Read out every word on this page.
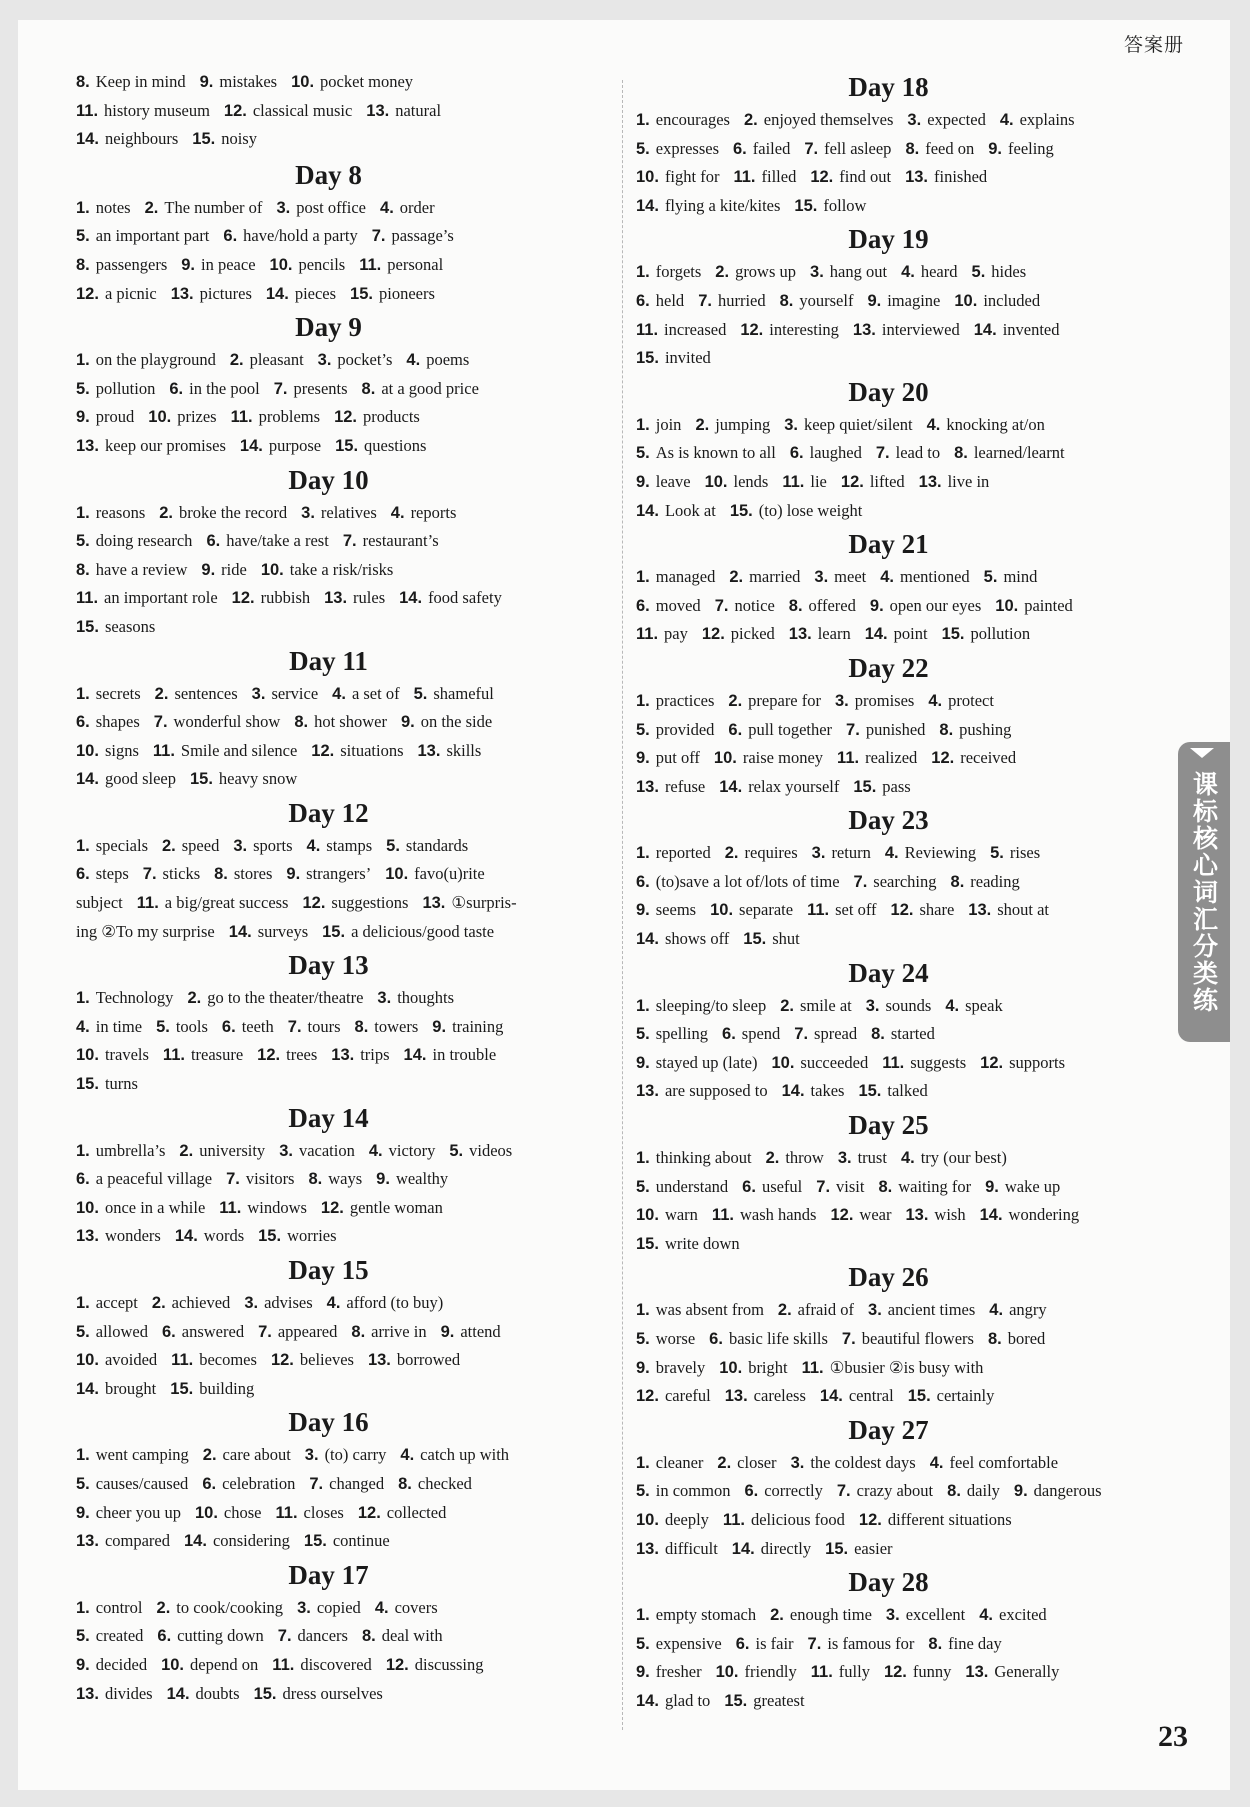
答案册
8. Keep in mind 9. mistakes 10. pocket money
11. history museum 12. classical music 13. natural
14. neighbours 15. noisy
Day 8
1. notes 2. The number of 3. post office 4. order
5. an important part 6. have/hold a party 7. passage’s
8. passengers 9. in peace 10. pencils 11. personal
12. a picnic 13. pictures 14. pieces 15. pioneers
Day 9
1. on the playground 2. pleasant 3. pocket’s 4. poems
5. pollution 6. in the pool 7. presents 8. at a good price
9. proud 10. prizes 11. problems 12. products
13. keep our promises 14. purpose 15. questions
Day 10
1. reasons 2. broke the record 3. relatives 4. reports
5. doing research 6. have/take a rest 7. restaurant’s
8. have a review 9. ride 10. take a risk/risks
11. an important role 12. rubbish 13. rules 14. food safety
15. seasons
Day 11
1. secrets 2. sentences 3. service 4. a set of 5. shameful
6. shapes 7. wonderful show 8. hot shower 9. on the side
10. signs 11. Smile and silence 12. situations 13. skills
14. good sleep 15. heavy snow
Day 12
1. specials 2. speed 3. sports 4. stamps 5. standards
6. steps 7. sticks 8. stores 9. strangers’ 10. favo(u)rite
subject 11. a big/great success 12. suggestions 13. ①surpris-
ing ②To my surprise 14. surveys 15. a delicious/good taste
Day 13
1. Technology 2. go to the theater/theatre 3. thoughts
4. in time 5. tools 6. teeth 7. tours 8. towers 9. training
10. travels 11. treasure 12. trees 13. trips 14. in trouble
15. turns
Day 14
1. umbrella’s 2. university 3. vacation 4. victory 5. videos
6. a peaceful village 7. visitors 8. ways 9. wealthy
10. once in a while 11. windows 12. gentle woman
13. wonders 14. words 15. worries
Day 15
1. accept 2. achieved 3. advises 4. afford (to buy)
5. allowed 6. answered 7. appeared 8. arrive in 9. attend
10. avoided 11. becomes 12. believes 13. borrowed
14. brought 15. building
Day 16
1. went camping 2. care about 3. (to) carry 4. catch up with
5. causes/caused 6. celebration 7. changed 8. checked
9. cheer you up 10. chose 11. closes 12. collected
13. compared 14. considering 15. continue
Day 17
1. control 2. to cook/cooking 3. copied 4. covers
5. created 6. cutting down 7. dancers 8. deal with
9. decided 10. depend on 11. discovered 12. discussing
13. divides 14. doubts 15. dress ourselves
Day 18
1. encourages 2. enjoyed themselves 3. expected 4. explains
5. expresses 6. failed 7. fell asleep 8. feed on 9. feeling
10. fight for 11. filled 12. find out 13. finished
14. flying a kite/kites 15. follow
Day 19
1. forgets 2. grows up 3. hang out 4. heard 5. hides
6. held 7. hurried 8. yourself 9. imagine 10. included
11. increased 12. interesting 13. interviewed 14. invented
15. invited
Day 20
1. join 2. jumping 3. keep quiet/silent 4. knocking at/on
5. As is known to all 6. laughed 7. lead to 8. learned/learnt
9. leave 10. lends 11. lie 12. lifted 13. live in
14. Look at 15. (to) lose weight
Day 21
1. managed 2. married 3. meet 4. mentioned 5. mind
6. moved 7. notice 8. offered 9. open our eyes 10. painted
11. pay 12. picked 13. learn 14. point 15. pollution
Day 22
1. practices 2. prepare for 3. promises 4. protect
5. provided 6. pull together 7. punished 8. pushing
9. put off 10. raise money 11. realized 12. received
13. refuse 14. relax yourself 15. pass
Day 23
1. reported 2. requires 3. return 4. Reviewing 5. rises
6. (to)save a lot of/lots of time 7. searching 8. reading
9. seems 10. separate 11. set off 12. share 13. shout at
14. shows off 15. shut
Day 24
1. sleeping/to sleep 2. smile at 3. sounds 4. speak
5. spelling 6. spend 7. spread 8. started
9. stayed up (late) 10. succeeded 11. suggests 12. supports
13. are supposed to 14. takes 15. talked
Day 25
1. thinking about 2. throw 3. trust 4. try (our best)
5. understand 6. useful 7. visit 8. waiting for 9. wake up
10. warn 11. wash hands 12. wear 13. wish 14. wondering
15. write down
Day 26
1. was absent from 2. afraid of 3. ancient times 4. angry
5. worse 6. basic life skills 7. beautiful flowers 8. bored
9. bravely 10. bright 11. ①busier ②is busy with
12. careful 13. careless 14. central 15. certainly
Day 27
1. cleaner 2. closer 3. the coldest days 4. feel comfortable
5. in common 6. correctly 7. crazy about 8. daily 9. dangerous
10. deeply 11. delicious food 12. different situations
13. difficult 14. directly 15. easier
Day 28
1. empty stomach 2. enough time 3. excellent 4. excited
5. expensive 6. is fair 7. is famous for 8. fine day
9. fresher 10. friendly 11. fully 12. funny 13. Generally
14. glad to 15. greatest
课标核心词汇分类练
23
